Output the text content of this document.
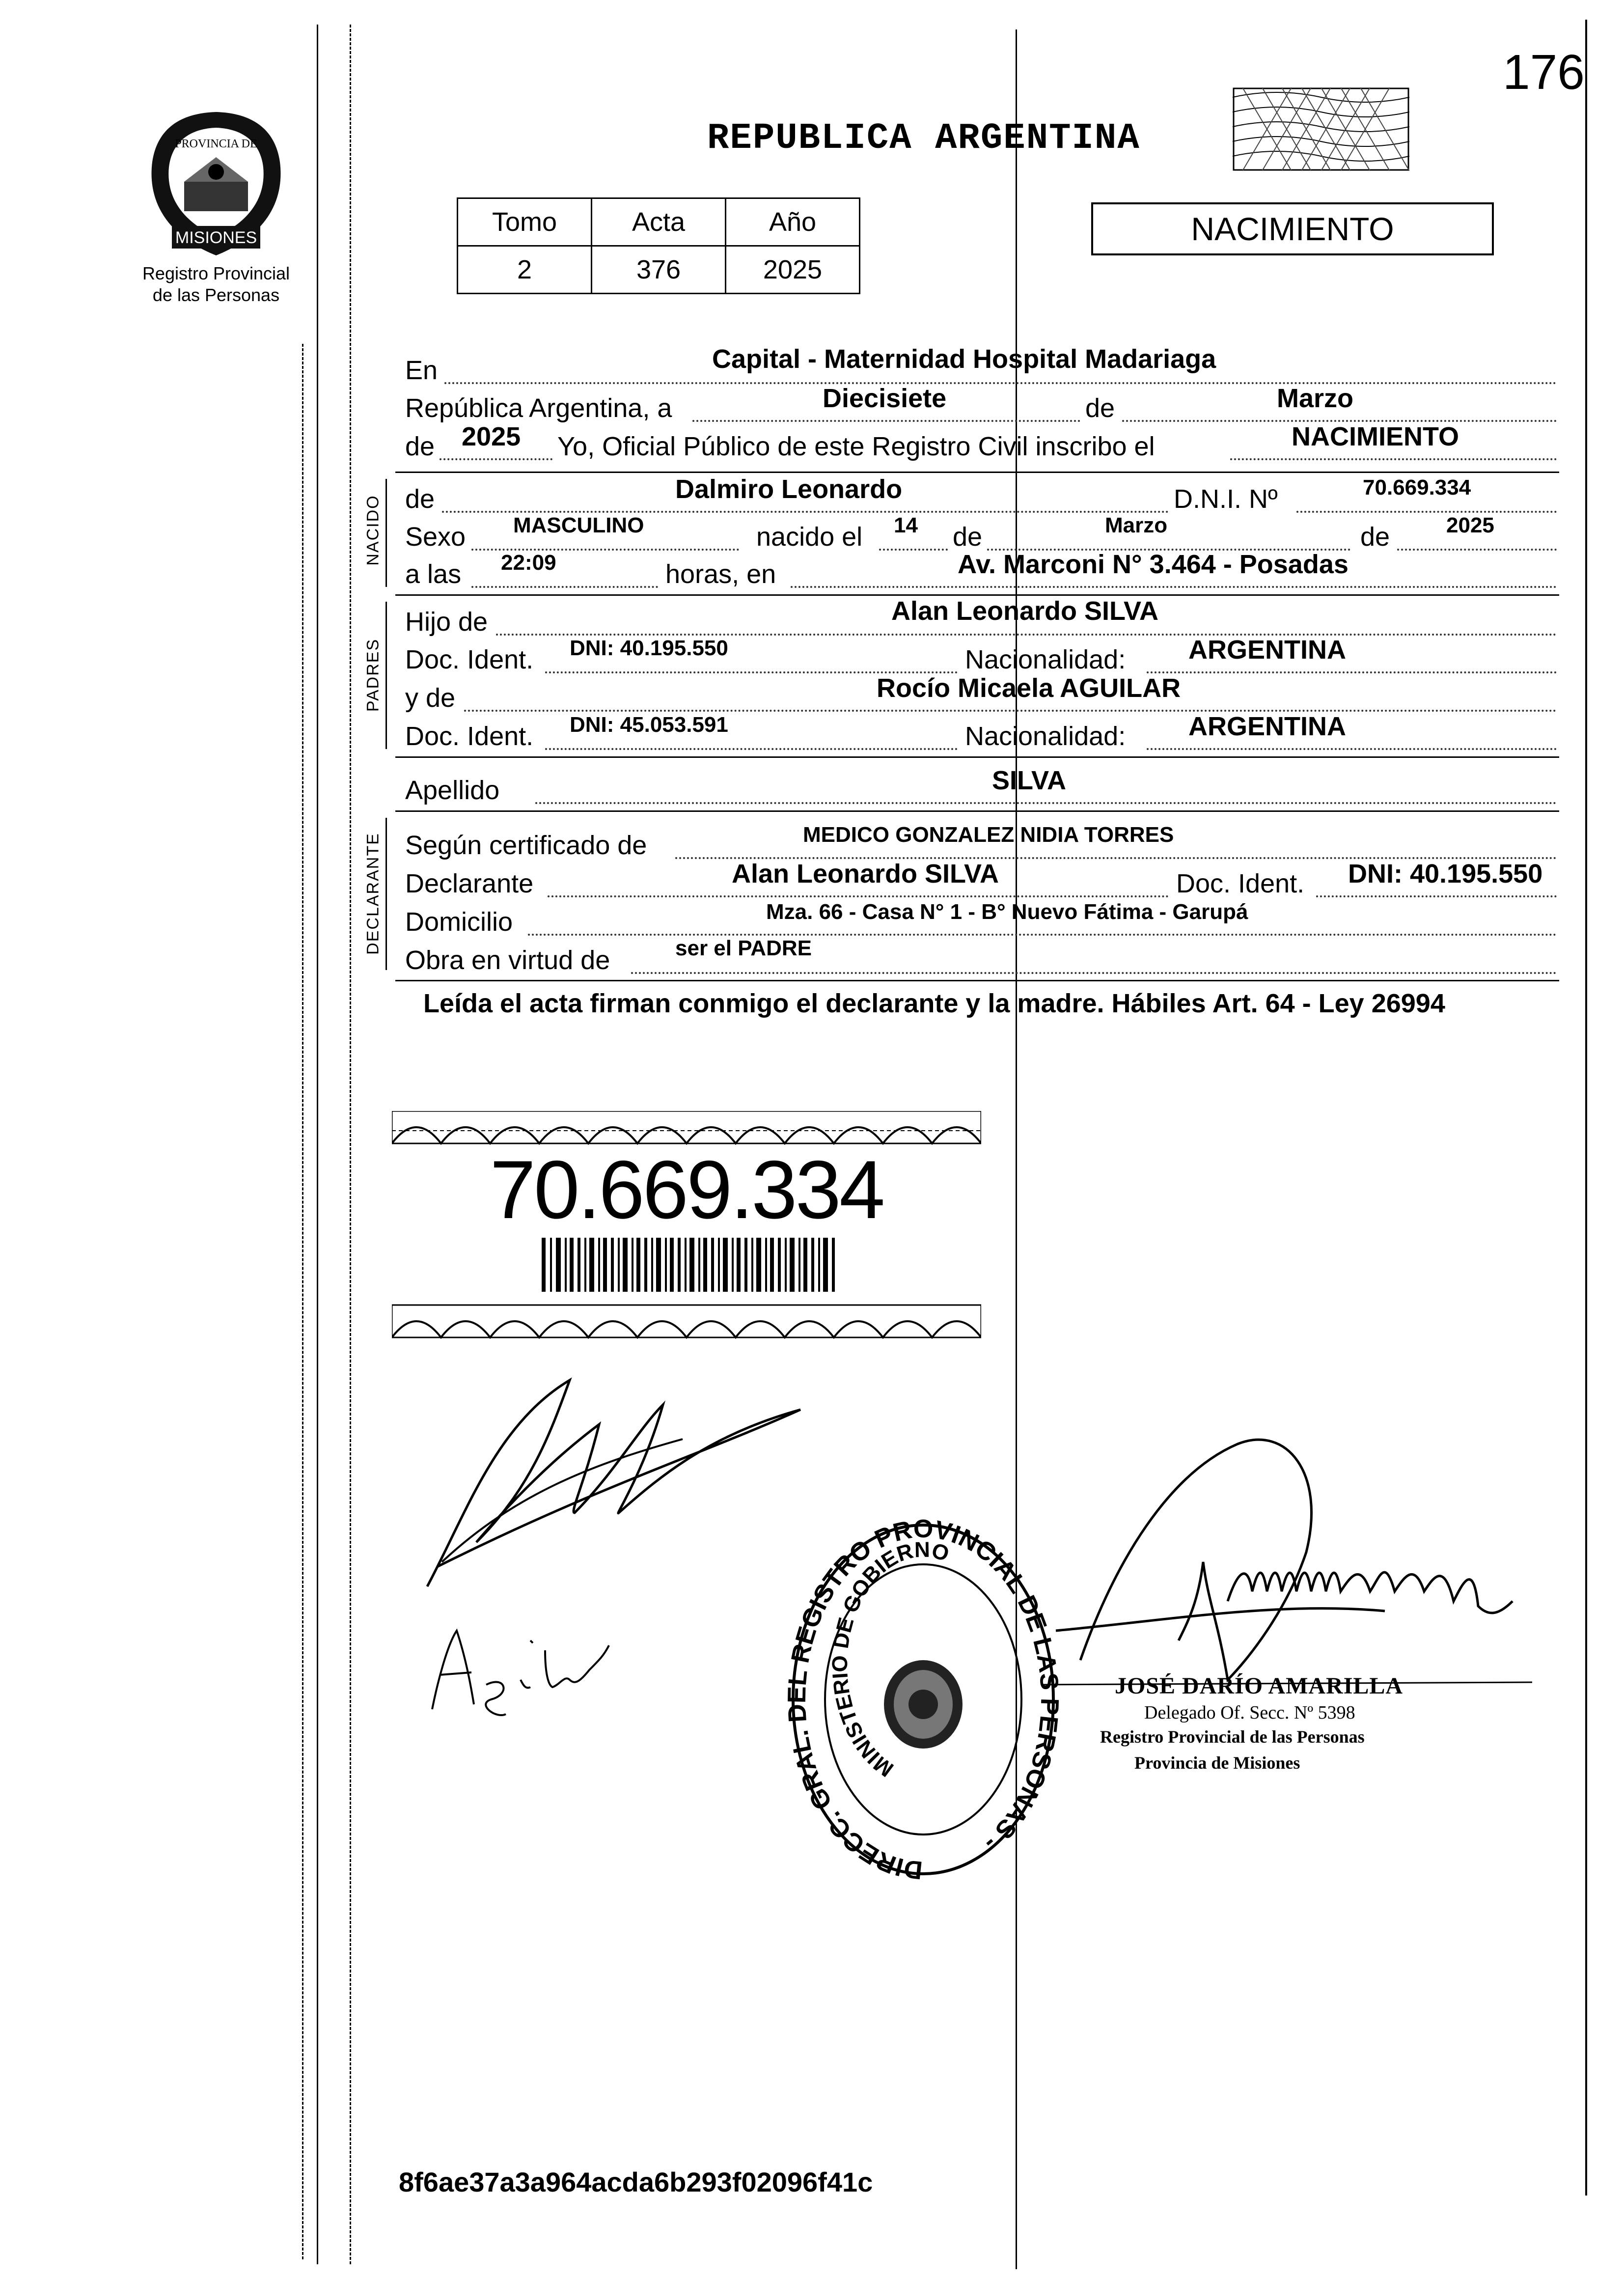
176
MISIONES
PROVINCIA DE
Registro Provincial
de las Personas
REPUBLICA ARGENTINA
Tomo	Acta	Año
2	376	2025
NACIMIENTO
En	Capital - Maternidad Hospital Madariaga
República Argentina, a	Diecisiete	de	Marzo
de 2025 Yo, Oficial Público de este Registro Civil inscribo el	NACIMIENTO
NACIDO de	Dalmiro Leonardo	D.N.I. Nº	70.669.334
Sexo MASCULINO	nacido el 14 de	Marzo	de	2025
a las 22:09	horas, en	Av. Marconi N° 3.464 - Posadas
PADRES
Hijo de	Alan Leonardo SILVA
Doc. Ident. DNI: 40.195.550	Nacionalidad: ARGENTINA
y de	Rocío Micaela AGUILAR
Doc. Ident. DNI: 45.053.591	Nacionalidad: ARGENTINA
Apellido	SILVA
DECLARANTE Según certificado de	MEDICO GONZALEZ NIDIA TORRES
Declarante	Alan Leonardo SILVA	Doc. Ident. DNI: 40.195.550
Domicilio	Mza. 66 - Casa N° 1 - B° Nuevo Fátima - Garupá
Obra en virtud de	ser el PADRE
Leída el acta firman conmigo el declarante y la madre. Hábiles Art. 64 - Ley 26994
70.669.334
DIRECC. GRAL. L REGISTRO PROVINCIAL DE LAS ERSONAS -
MINISTERIO DE GOBIERNO
JOSÉ DARÍO AMARILLA
Delegado Of. Secc. Nº 5398
Registro Provincial de las Personas
Provincia de Misiones
8f6ae37a3a964acda6b293f02096f41c
